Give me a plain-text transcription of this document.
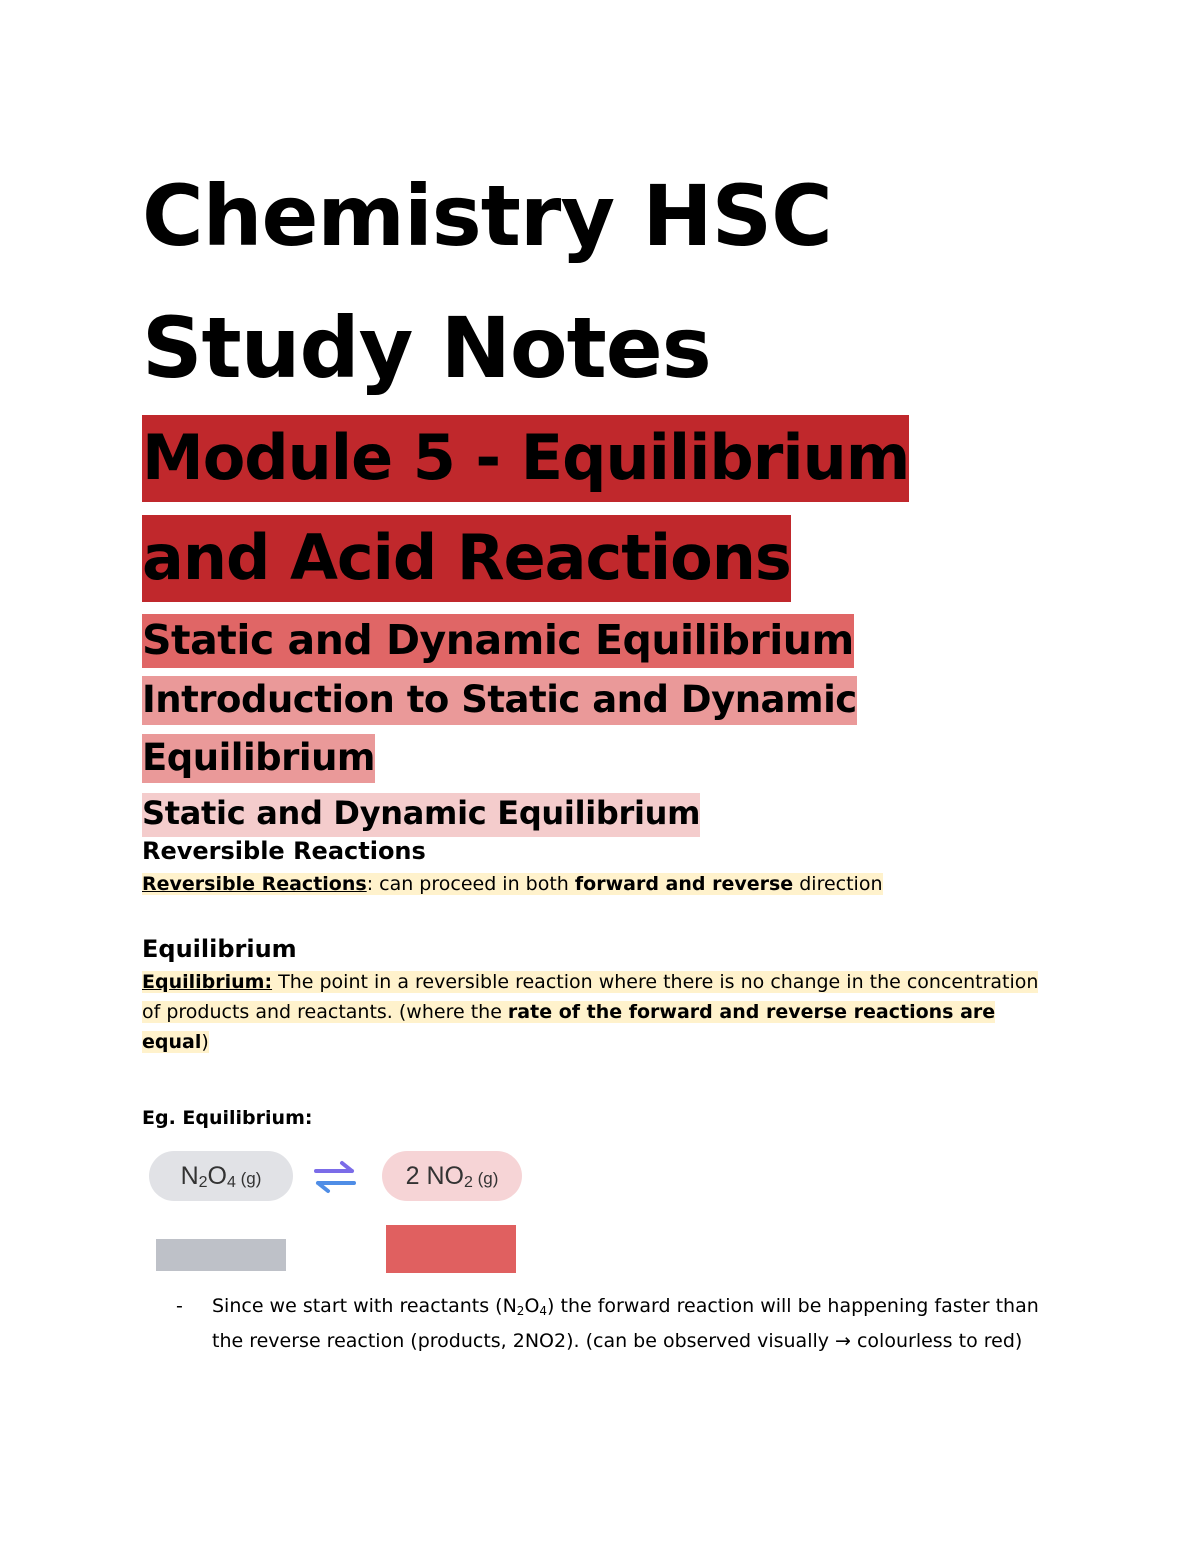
Chemistry HSC
Study Notes
Module 5 - Equilibrium
and Acid Reactions
Static and Dynamic Equilibrium
Introduction to Static and Dynamic
Equilibrium
Static and Dynamic Equilibrium
Reversible Reactions

Reversible Reactions: can proceed in both forward and reverse direction

Equilibrium

Equilibrium: The point in a reversible reaction where there is no change in the concentration of products and reactants. (where the rate of the forward and reverse reactions are equal)

Eg. Equilibrium:
$N_2O_4$ (g)	2 $NO_2$ (g)
- Since we start with reactants $(N_2O_4)$ the forward reaction will be happening faster than the reverse reaction (products, 2NO2). (can be observed visually → colourless to red)
